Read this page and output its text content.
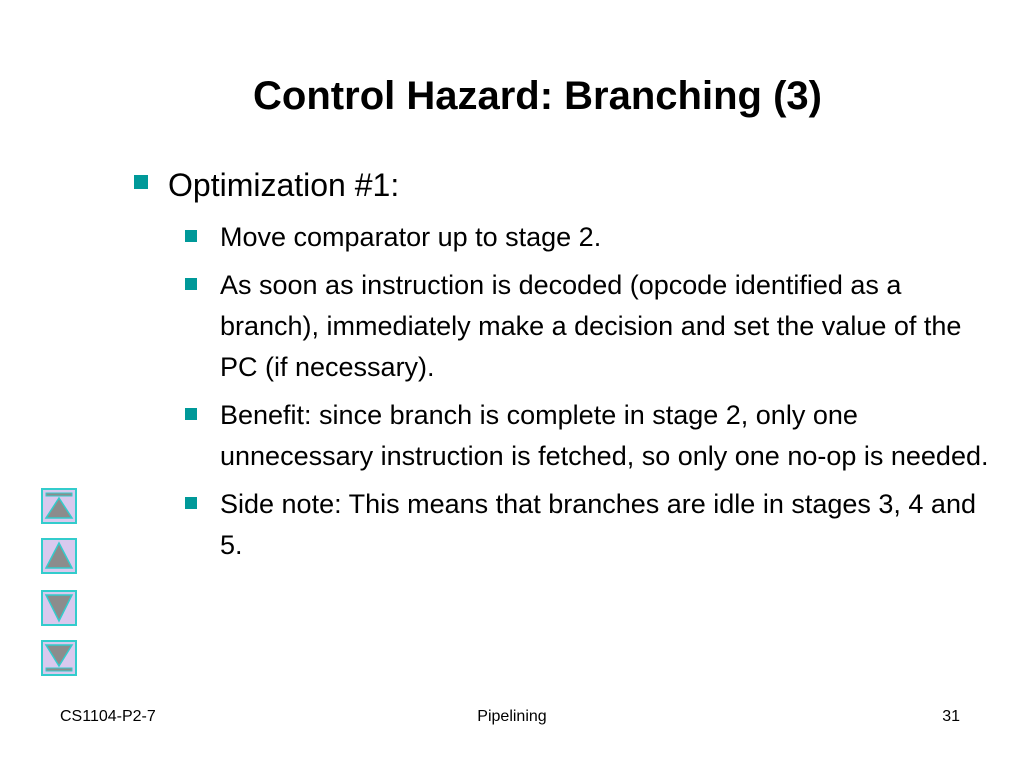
Control Hazard: Branching (3)
Optimization #1:
Move comparator up to stage 2.
As soon as instruction is decoded (opcode identified as a branch), immediately make a decision and set the value of the PC (if necessary).
Benefit: since branch is complete in stage 2, only one unnecessary instruction is fetched, so only one no-op is needed.
Side note: This means that branches are idle in stages 3, 4 and 5.
CS1104-P2-7	Pipelining	31
